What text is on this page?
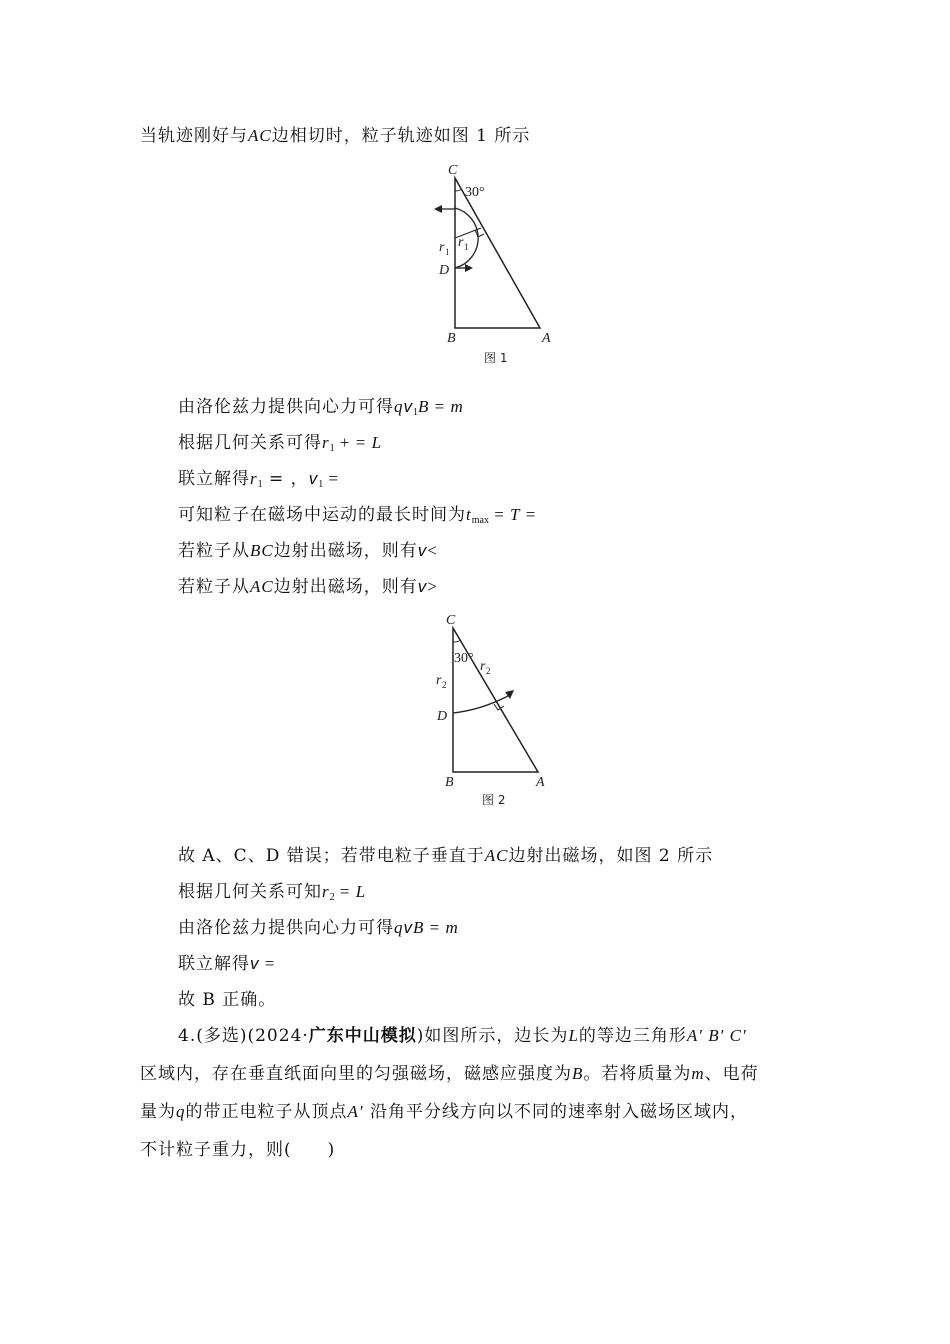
当轨迹刚好与AC边相切时，粒子轨迹如图 1 所示
C
30°
r 1
r 1
D
B	A
图 1
由洛伦兹力提供向心力可得$qv_1B = m$
根据几何关系可得$r_1$ + = L
联立解得$r_1$ = ，$v_1$ =
可知粒子在磁场中运动的最长时间为$t_{max} = T$ =
若粒子从BC边射出磁场，则有v<
若粒子从AC边射出磁场，则有v>
C
30°
r 2
r 2
D
B	A
图 2
故 A、C、D 错误；若带电粒子垂直于AC边射出磁场，如图 2 所示
根据几何关系可知$r_2 = L$
由洛伦兹力提供向心力可得qvB = m
联立解得v =
故 B 正确。
4.(多选)(2024·广东中山模拟)如图所示，边长为L的等边三角形A′ B′ C′
区域内，存在垂直纸面向里的匀强磁场，磁感应强度为B。若将质量为m、电荷
量为q的带正电粒子从顶点A′ 沿角平分线方向以不同的速率射入磁场区域内，
不计粒子重力，则(　　)
